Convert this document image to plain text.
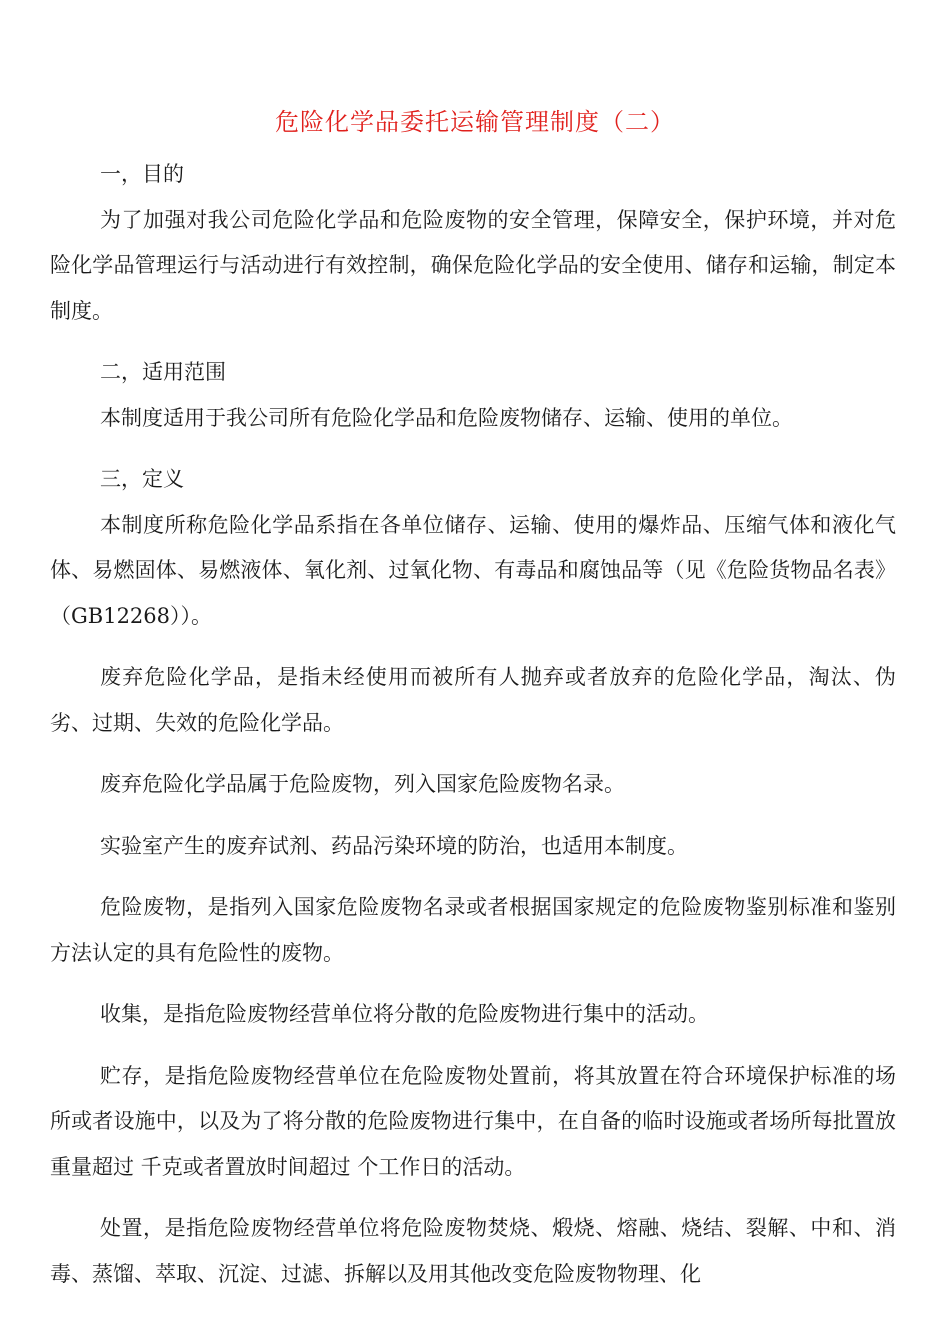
危险化学品委托运输管理制度（二）

一，目的

为了加强对我公司危险化学品和危险废物的安全管理，保障安全，保护环境，并对危险化学品管理运行与活动进行有效控制，确保危险化学品的安全使用、储存和运输，制定本制度。

二，适用范围

本制度适用于我公司所有危险化学品和危险废物储存、运输、使用的单位。

三，定义

本制度所称危险化学品系指在各单位储存、运输、使用的爆炸品、压缩气体和液化气体、易燃固体、易燃液体、氧化剂、过氧化物、有毒品和腐蚀品等（见《危险货物品名表》（GB12268））。

废弃危险化学品，是指未经使用而被所有人抛弃或者放弃的危险化学品，淘汰、伪劣、过期、失效的危险化学品。

废弃危险化学品属于危险废物，列入国家危险废物名录。

实验室产生的废弃试剂、药品污染环境的防治，也适用本制度。

危险废物，是指列入国家危险废物名录或者根据国家规定的危险废物鉴别标准和鉴别方法认定的具有危险性的废物。

收集，是指危险废物经营单位将分散的危险废物进行集中的活动。

贮存，是指危险废物经营单位在危险废物处置前，将其放置在符合环境保护标准的场所或者设施中，以及为了将分散的危险废物进行集中，在自备的临时设施或者场所每批置放重量超过 千克或者置放时间超过 个工作日的活动。

处置，是指危险废物经营单位将危险废物焚烧、煅烧、熔融、烧结、裂解、中和、消毒、蒸馏、萃取、沉淀、过滤、拆解以及用其他改变危险废物物理、化
